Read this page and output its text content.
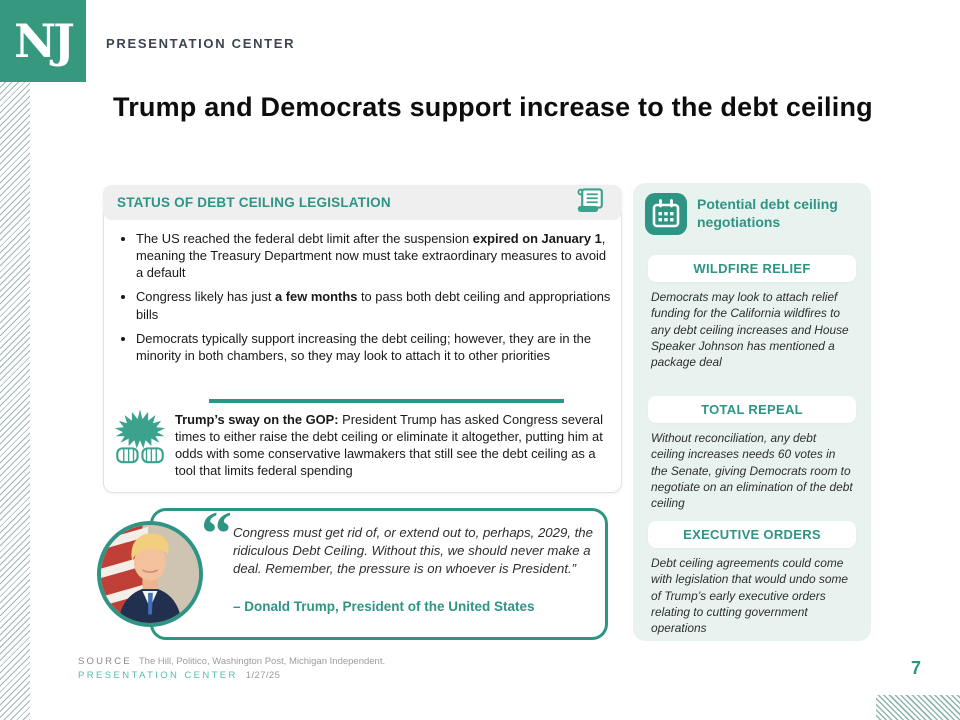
NJ	PRESENTATION CENTER
Trump and Democrats support increase to the debt ceiling
STATUS OF DEBT CEILING LEGISLATION
• The US reached the federal debt limit after the suspension expired on January 1, meaning the Treasury Department now must take extraordinary measures to avoid a default
• Congress likely has just a few months to pass both debt ceiling and appropriations bills
• Democrats typically support increasing the debt ceiling; however, they are in the minority in both chambers, so they may look to attach it to other priorities
Trump’s sway on the GOP: President Trump has asked Congress several times to either raise the debt ceiling or eliminate it altogether, putting him at odds with some conservative lawmakers that still see the debt ceiling as a tool that limits federal spending
“ Congress must get rid of, or extend out to, perhaps, 2029, the ridiculous Debt Ceiling. Without this, we should never make a deal. Remember, the pressure is on whoever is President.”
– Donald Trump, President of the United States
Potential debt ceiling negotiations
WILDFIRE RELIEF

Democrats may look to attach relief funding for the California wildfires to any debt ceiling increases and House Speaker Johnson has mentioned a package deal

TOTAL REPEAL

Without reconciliation, any debt ceiling increases needs 60 votes in the Senate, giving Democrats room to negotiate on an elimination of the debt ceiling

EXECUTIVE ORDERS

Debt ceiling agreements could come with legislation that would undo some of Trump’s early executive orders relating to cutting government operations

SOURCE The Hill, Politico, Washington Post, Michigan Independent.
PRESENTATION CENTER 1/27/25	7
